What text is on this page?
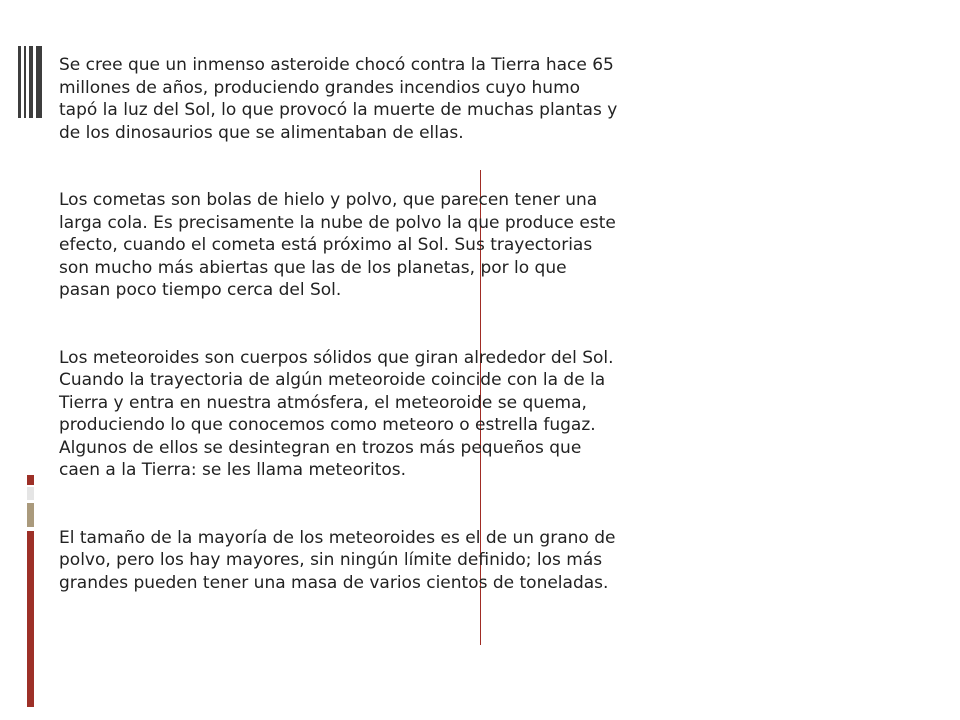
Se cree que un inmenso asteroide chocó contra la Tierra hace 65 millones de años, produciendo grandes incendios cuyo humo tapó la luz del Sol, lo que provocó la muerte de muchas plantas y de los dinosaurios que se alimentaban de ellas.

Los cometas son bolas de hielo y polvo, que parecen tener una larga cola. Es precisamente la nube de polvo la que produce este efecto, cuando el cometa está próximo al Sol. Sus trayectorias son mucho más abiertas que las de los planetas, por lo que pasan poco tiempo cerca del Sol.

Los meteoroides son cuerpos sólidos que giran alrededor del Sol. Cuando la trayectoria de algún meteoroide coincide con la de la Tierra y entra en nuestra atmósfera, el meteoroide se quema, produciendo lo que conocemos como meteoro o estrella fugaz. Algunos de ellos se desintegran en trozos más pequeños que caen a la Tierra: se les llama meteoritos.

El tamaño de la mayoría de los meteoroides es el de un grano de polvo, pero los hay mayores, sin ningún límite definido; los más grandes pueden tener una masa de varios cientos de toneladas.
